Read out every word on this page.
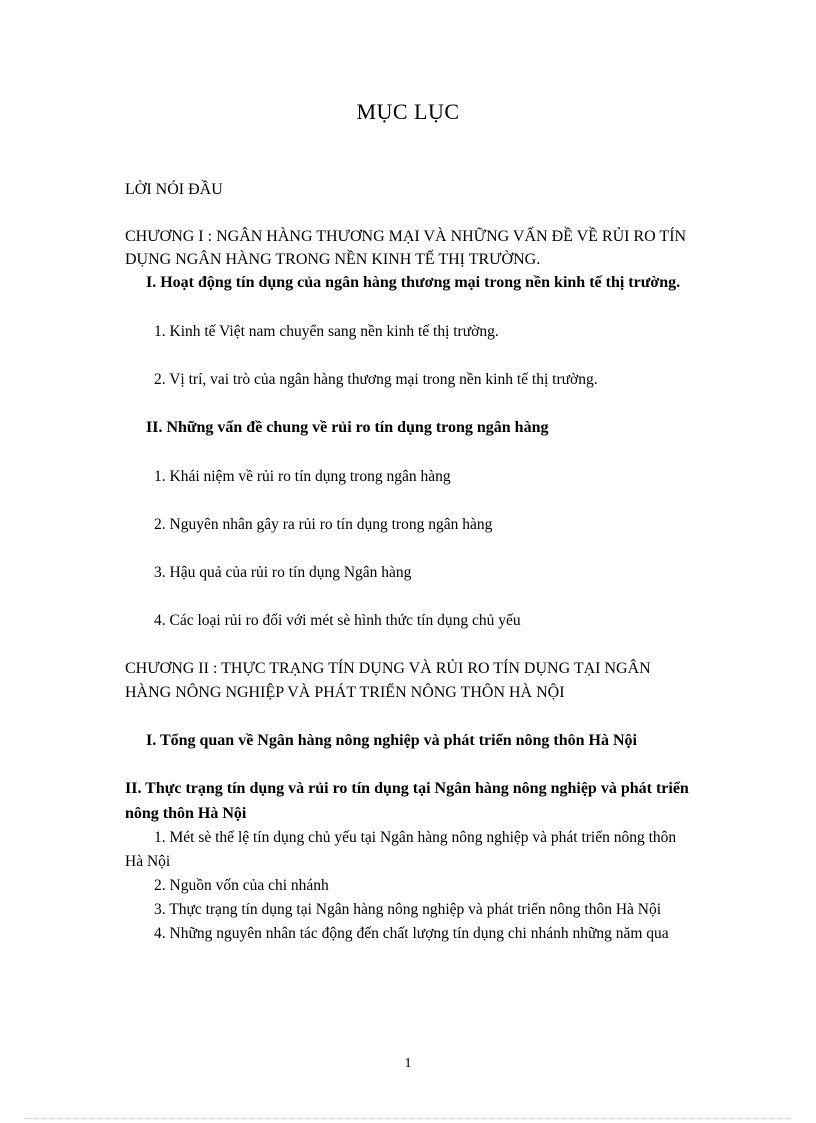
MỤC LỤC

LỜI NÓI ĐẦU

CHƯƠNG I : NGÂN HÀNG THƯƠNG MẠI VÀ NHỮNG VẤN ĐỀ VỀ RỦI RO TÍN

DỤNG NGÂN HÀNG TRONG NỀN KINH TẾ THỊ TRƯỜNG.

I. Hoạt động tín dụng của ngân hàng thương mại trong nền kinh tế thị trường.

1. Kinh tế Việt nam chuyển sang nền kinh tế thị trường.

2. Vị trí, vai trò của ngân hàng thương mại trong nền kinh tế thị trường.

II. Những vấn đề chung về rủi ro tín dụng trong ngân hàng

1. Khái niệm về rủi ro tín dụng trong ngân hàng

2. Nguyên nhân gây ra rủi ro tín dụng trong ngân hàng

3. Hậu quả của rủi ro tín dụng Ngân hàng

4. Các loại rủi ro đối với mét sè hình thức tín dụng chủ yếu

CHƯƠNG II : THỰC TRẠNG TÍN DỤNG VÀ RỦI RO TÍN DỤNG TẠI NGÂN

HÀNG NÔNG NGHIỆP VÀ PHÁT TRIỂN NÔNG THÔN HÀ NỘI

I. Tổng quan về Ngân hàng nông nghiệp và phát triển nông thôn Hà Nội

II. Thực trạng tín dụng và rủi ro tín dụng tại Ngân hàng nông nghiệp và phát triển

nông thôn Hà Nội

1. Mét sè thể lệ tín dụng chủ yếu tại Ngân hàng nông nghiệp và phát triển nông thôn

Hà Nội

2. Nguồn vốn của chi nhánh

3. Thực trạng tín dụng tại Ngân hàng nông nghiệp và phát triển nông thôn Hà Nội

4. Những nguyên nhân tác động đến chất lượng tín dụng chi nhánh những năm qua

1
